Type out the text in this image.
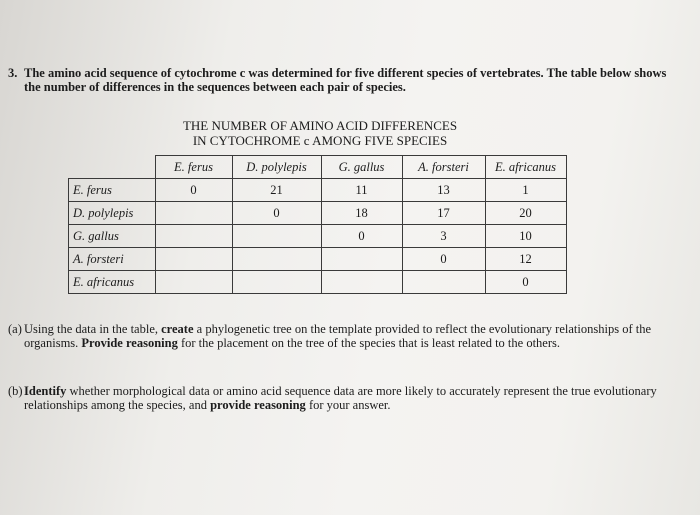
3. The amino acid sequence of cytochrome c was determined for five different species of vertebrates. The table below shows the number of differences in the sequences between each pair of species.
THE NUMBER OF AMINO ACID DIFFERENCES
IN CYTOCHROME c AMONG FIVE SPECIES
	E. ferus	D. polylepis	G. gallus	A. forsteri	E. africanus
E. ferus	0	21	11	13	1
D. polylepis		0	18	17	20
G. gallus			0	3	10
A. forsteri				0	12
E. africanus					0
(a) Using the data in the table, create a phylogenetic tree on the template provided to reflect the evolutionary relationships of the organisms. Provide reasoning for the placement on the tree of the species that is least related to the others.
(b) Identify whether morphological data or amino acid sequence data are more likely to accurately represent the true evolutionary relationships among the species, and provide reasoning for your answer.
